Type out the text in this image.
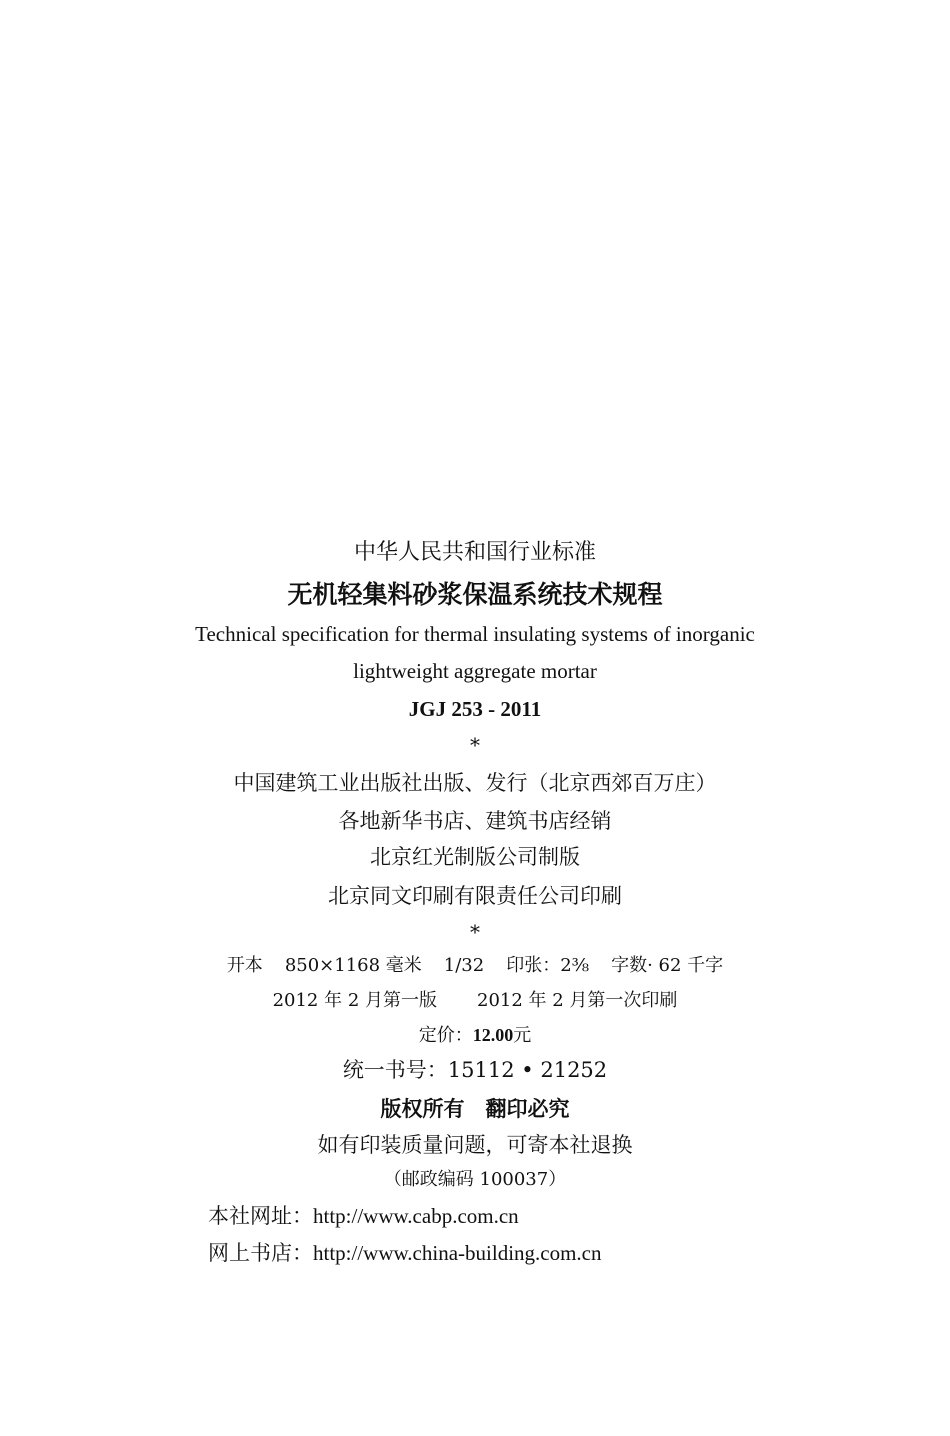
中华人民共和国行业标准
无机轻集料砂浆保温系统技术规程
Technical specification for thermal insulating systems of inorganic
lightweight aggregate mortar
JGJ 253 - 2011
*
中国建筑工业出版社出版、发行（北京西郊百万庄）
各地新华书店、建筑书店经销
北京红光制版公司制版
北京同文印刷有限责任公司印刷
*
开本 850×1168 毫米 1/32 印张：2⅜ 字数· 62 千字
2012 年 2 月第一版 2012 年 2 月第一次印刷
定价：12.00元
统一书号：15112 • 21252
版权所有　翻印必究
如有印装质量问题，可寄本社退换
（邮政编码 100037）
本社网址：http://www.cabp.com.cn
网上书店：http://www.china-building.com.cn
